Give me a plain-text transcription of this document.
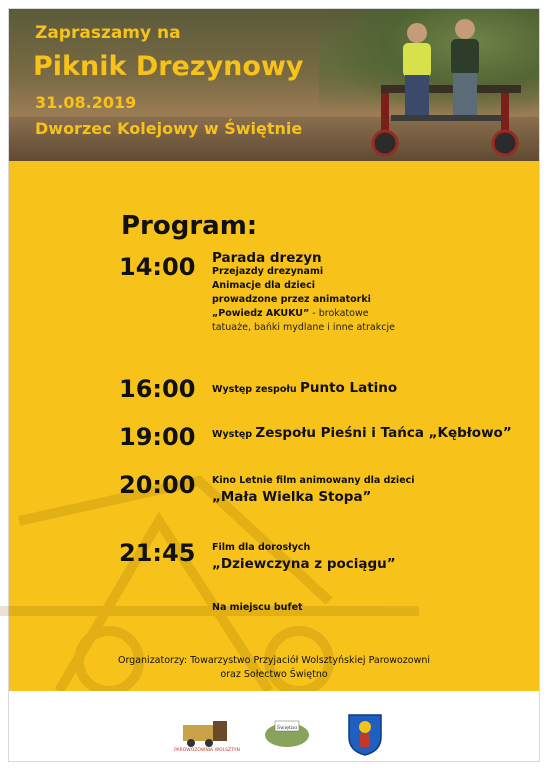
Zapraszamy na
Piknik Drezynowy
31.08.2019
Dworzec Kolejowy w Świętnie
Program:
14:00 Parada drezyn
Przejazdy drezynami
Animacje dla dzieci
prowadzone przez animatorki
„Powiedz AKUKU” - brokatowe
tatuaże, bańki mydlane i inne atrakcje
16:00 Występ zespołu Punto Latino
19:00 Występ Zespołu Pieśni i Tańca „Kębłowo”
20:00 Kino Letnie film animowany dla dzieci
„Mała Wielka Stopa”
21:45 Film dla dorosłych
„Dziewczyna z pociągu”
Na miejscu bufet
Organizatorzy: Towarzystwo Przyjaciół Wolsztyńskiej Parowozowni
oraz Sołectwo Świętno
PAROWOZOWNIA WOLSZTYN
Świętno
